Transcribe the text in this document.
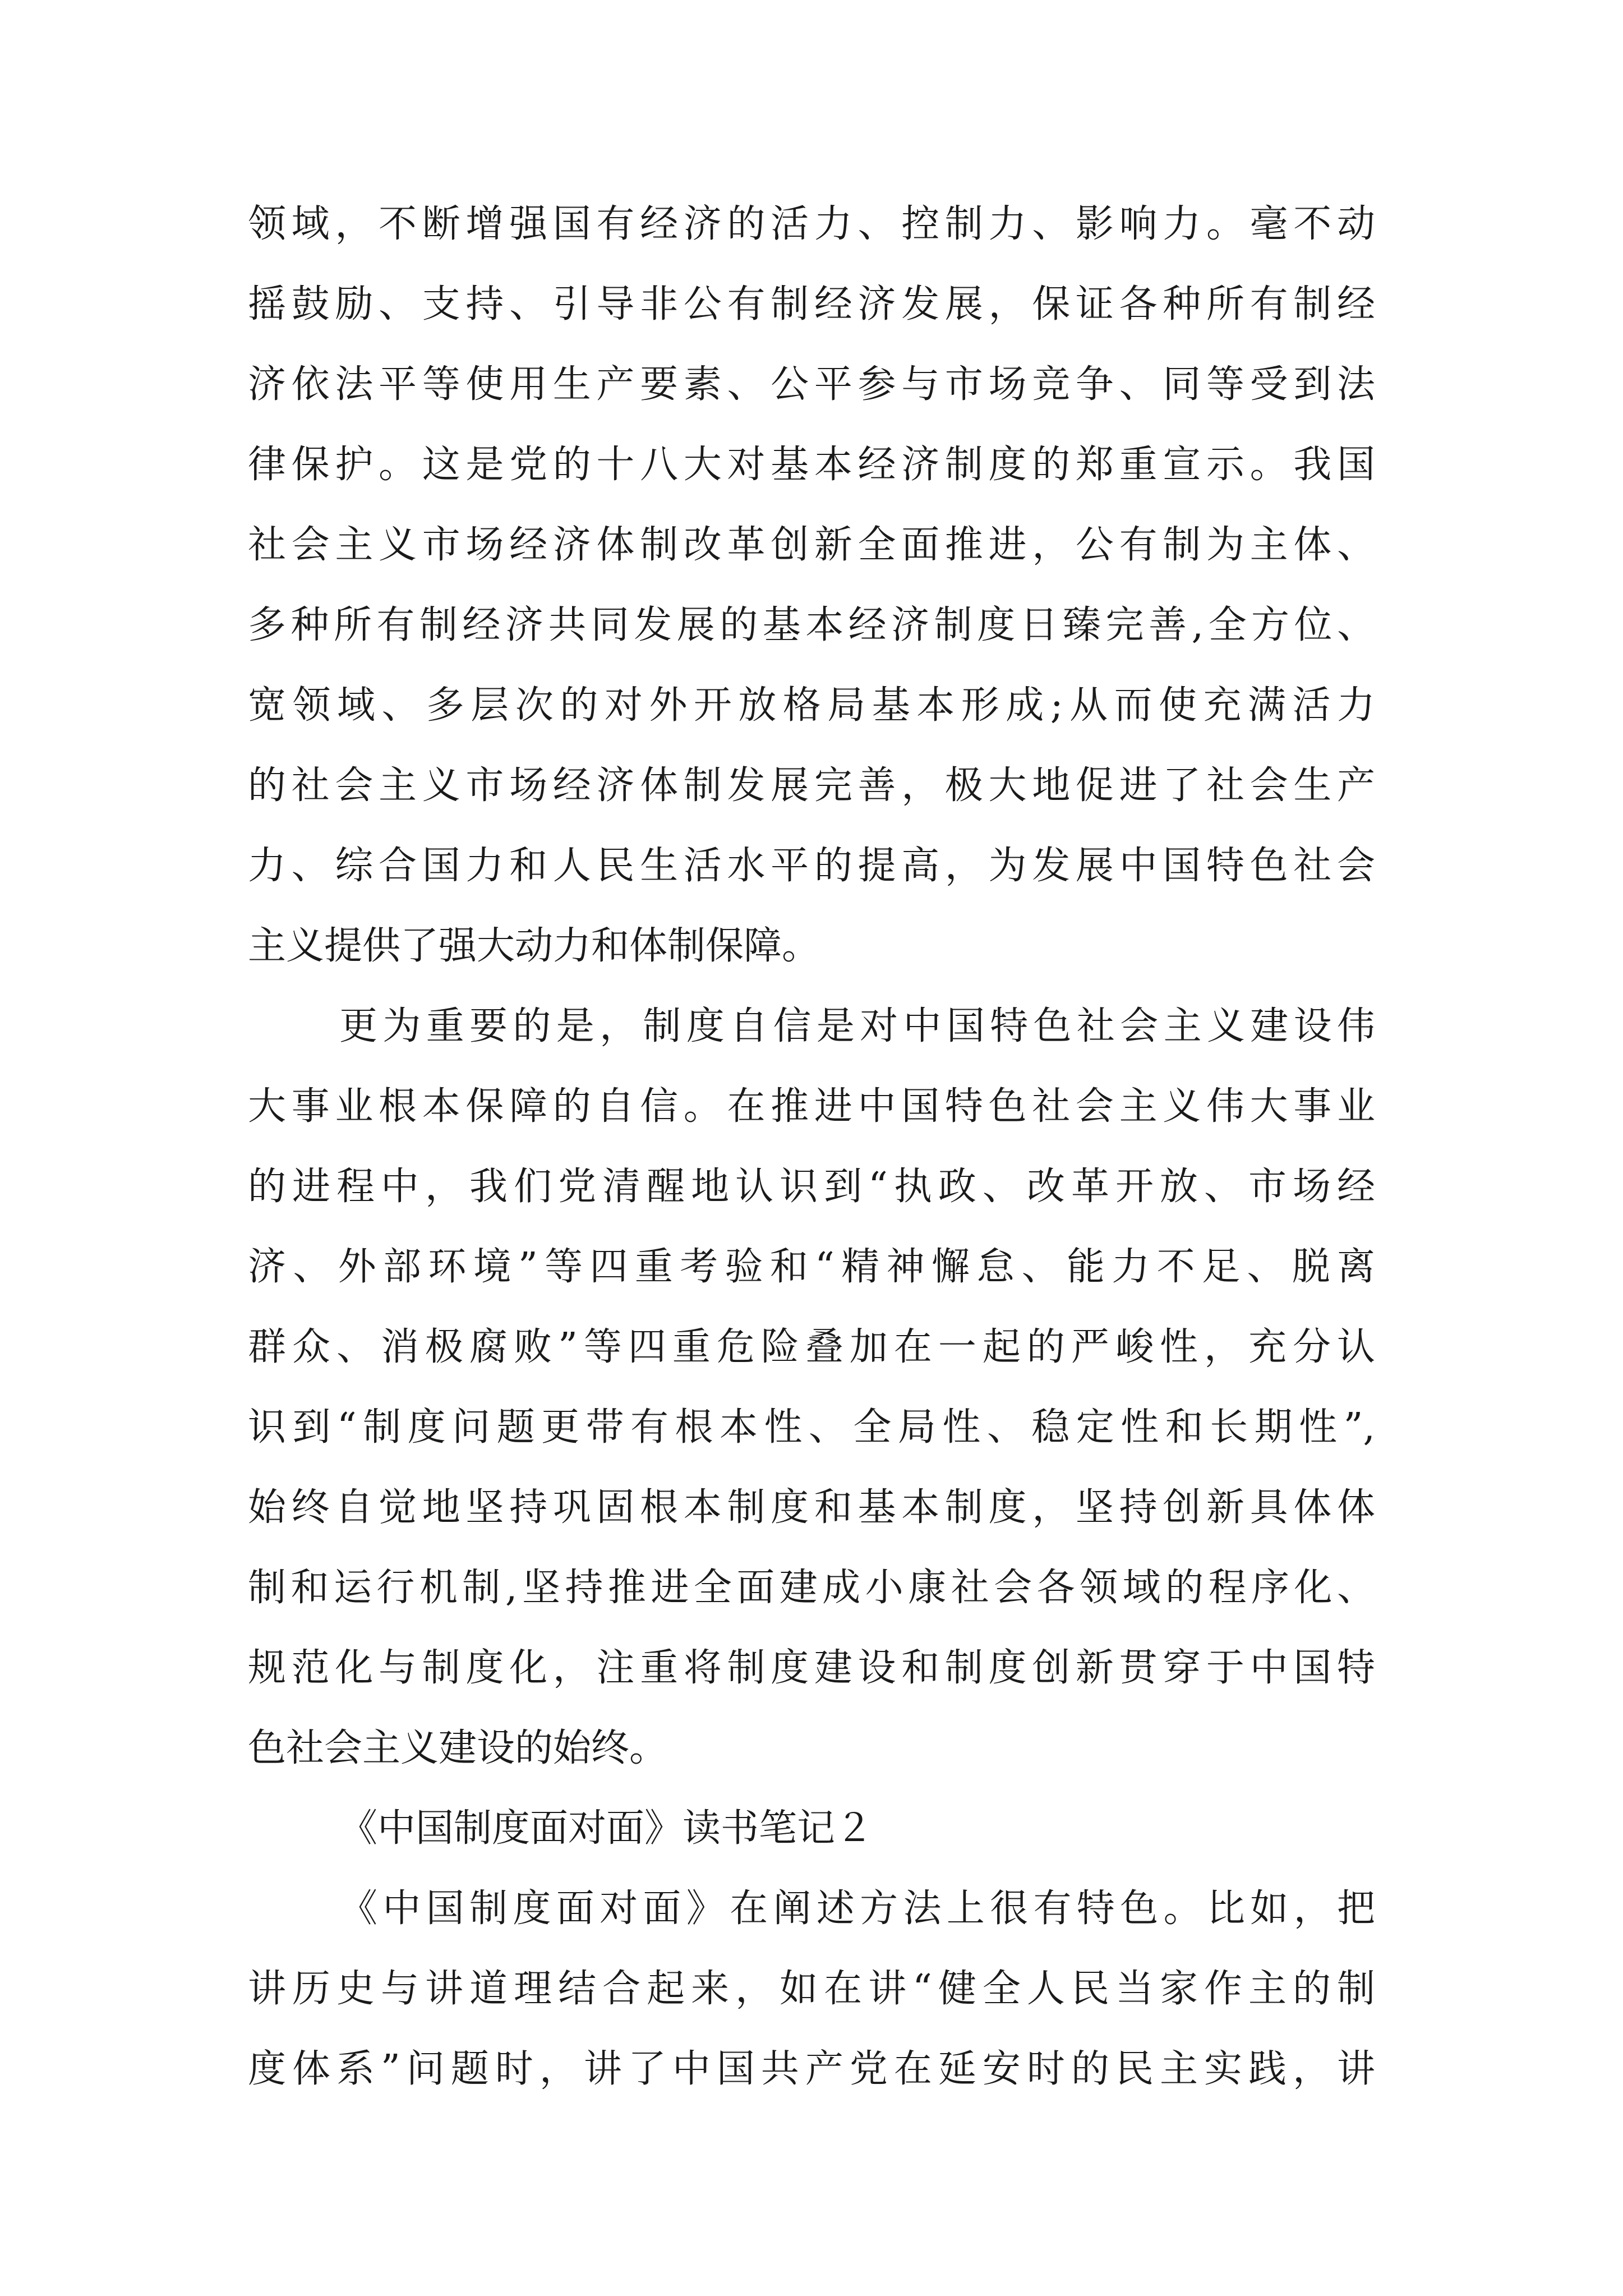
领域，不断增强国有经济的活力、控制力、影响力。毫不动
摇鼓励、支持、引导非公有制经济发展，保证各种所有制经
济依法平等使用生产要素、公平参与市场竞争、同等受到法
律保护。这是党的十八大对基本经济制度的郑重宣示。我国
社会主义市场经济体制改革创新全面推进，公有制为主体、
多种所有制经济共同发展的基本经济制度日臻完善,全方位、
宽领域、多层次的对外开放格局基本形成;从而使充满活力
的社会主义市场经济体制发展完善，极大地促进了社会生产
力、综合国力和人民生活水平的提高，为发展中国特色社会
主义提供了强大动力和体制保障。
更为重要的是，制度自信是对中国特色社会主义建设伟
大事业根本保障的自信。在推进中国特色社会主义伟大事业
的进程中，我们党清醒地认识到“执政、改革开放、市场经
济、外部环境”等四重考验和“精神懈怠、能力不足、脱离
群众、消极腐败”等四重危险叠加在一起的严峻性，充分认
识到“制度问题更带有根本性、全局性、稳定性和长期性”,
始终自觉地坚持巩固根本制度和基本制度，坚持创新具体体
制和运行机制,坚持推进全面建成小康社会各领域的程序化、
规范化与制度化，注重将制度建设和制度创新贯穿于中国特
色社会主义建设的始终。
《中国制度面对面》读书笔记２
《中国制度面对面》在阐述方法上很有特色。比如，把
讲历史与讲道理结合起来，如在讲“健全人民当家作主的制
度体系”问题时，讲了中国共产党在延安时的民主实践，讲
